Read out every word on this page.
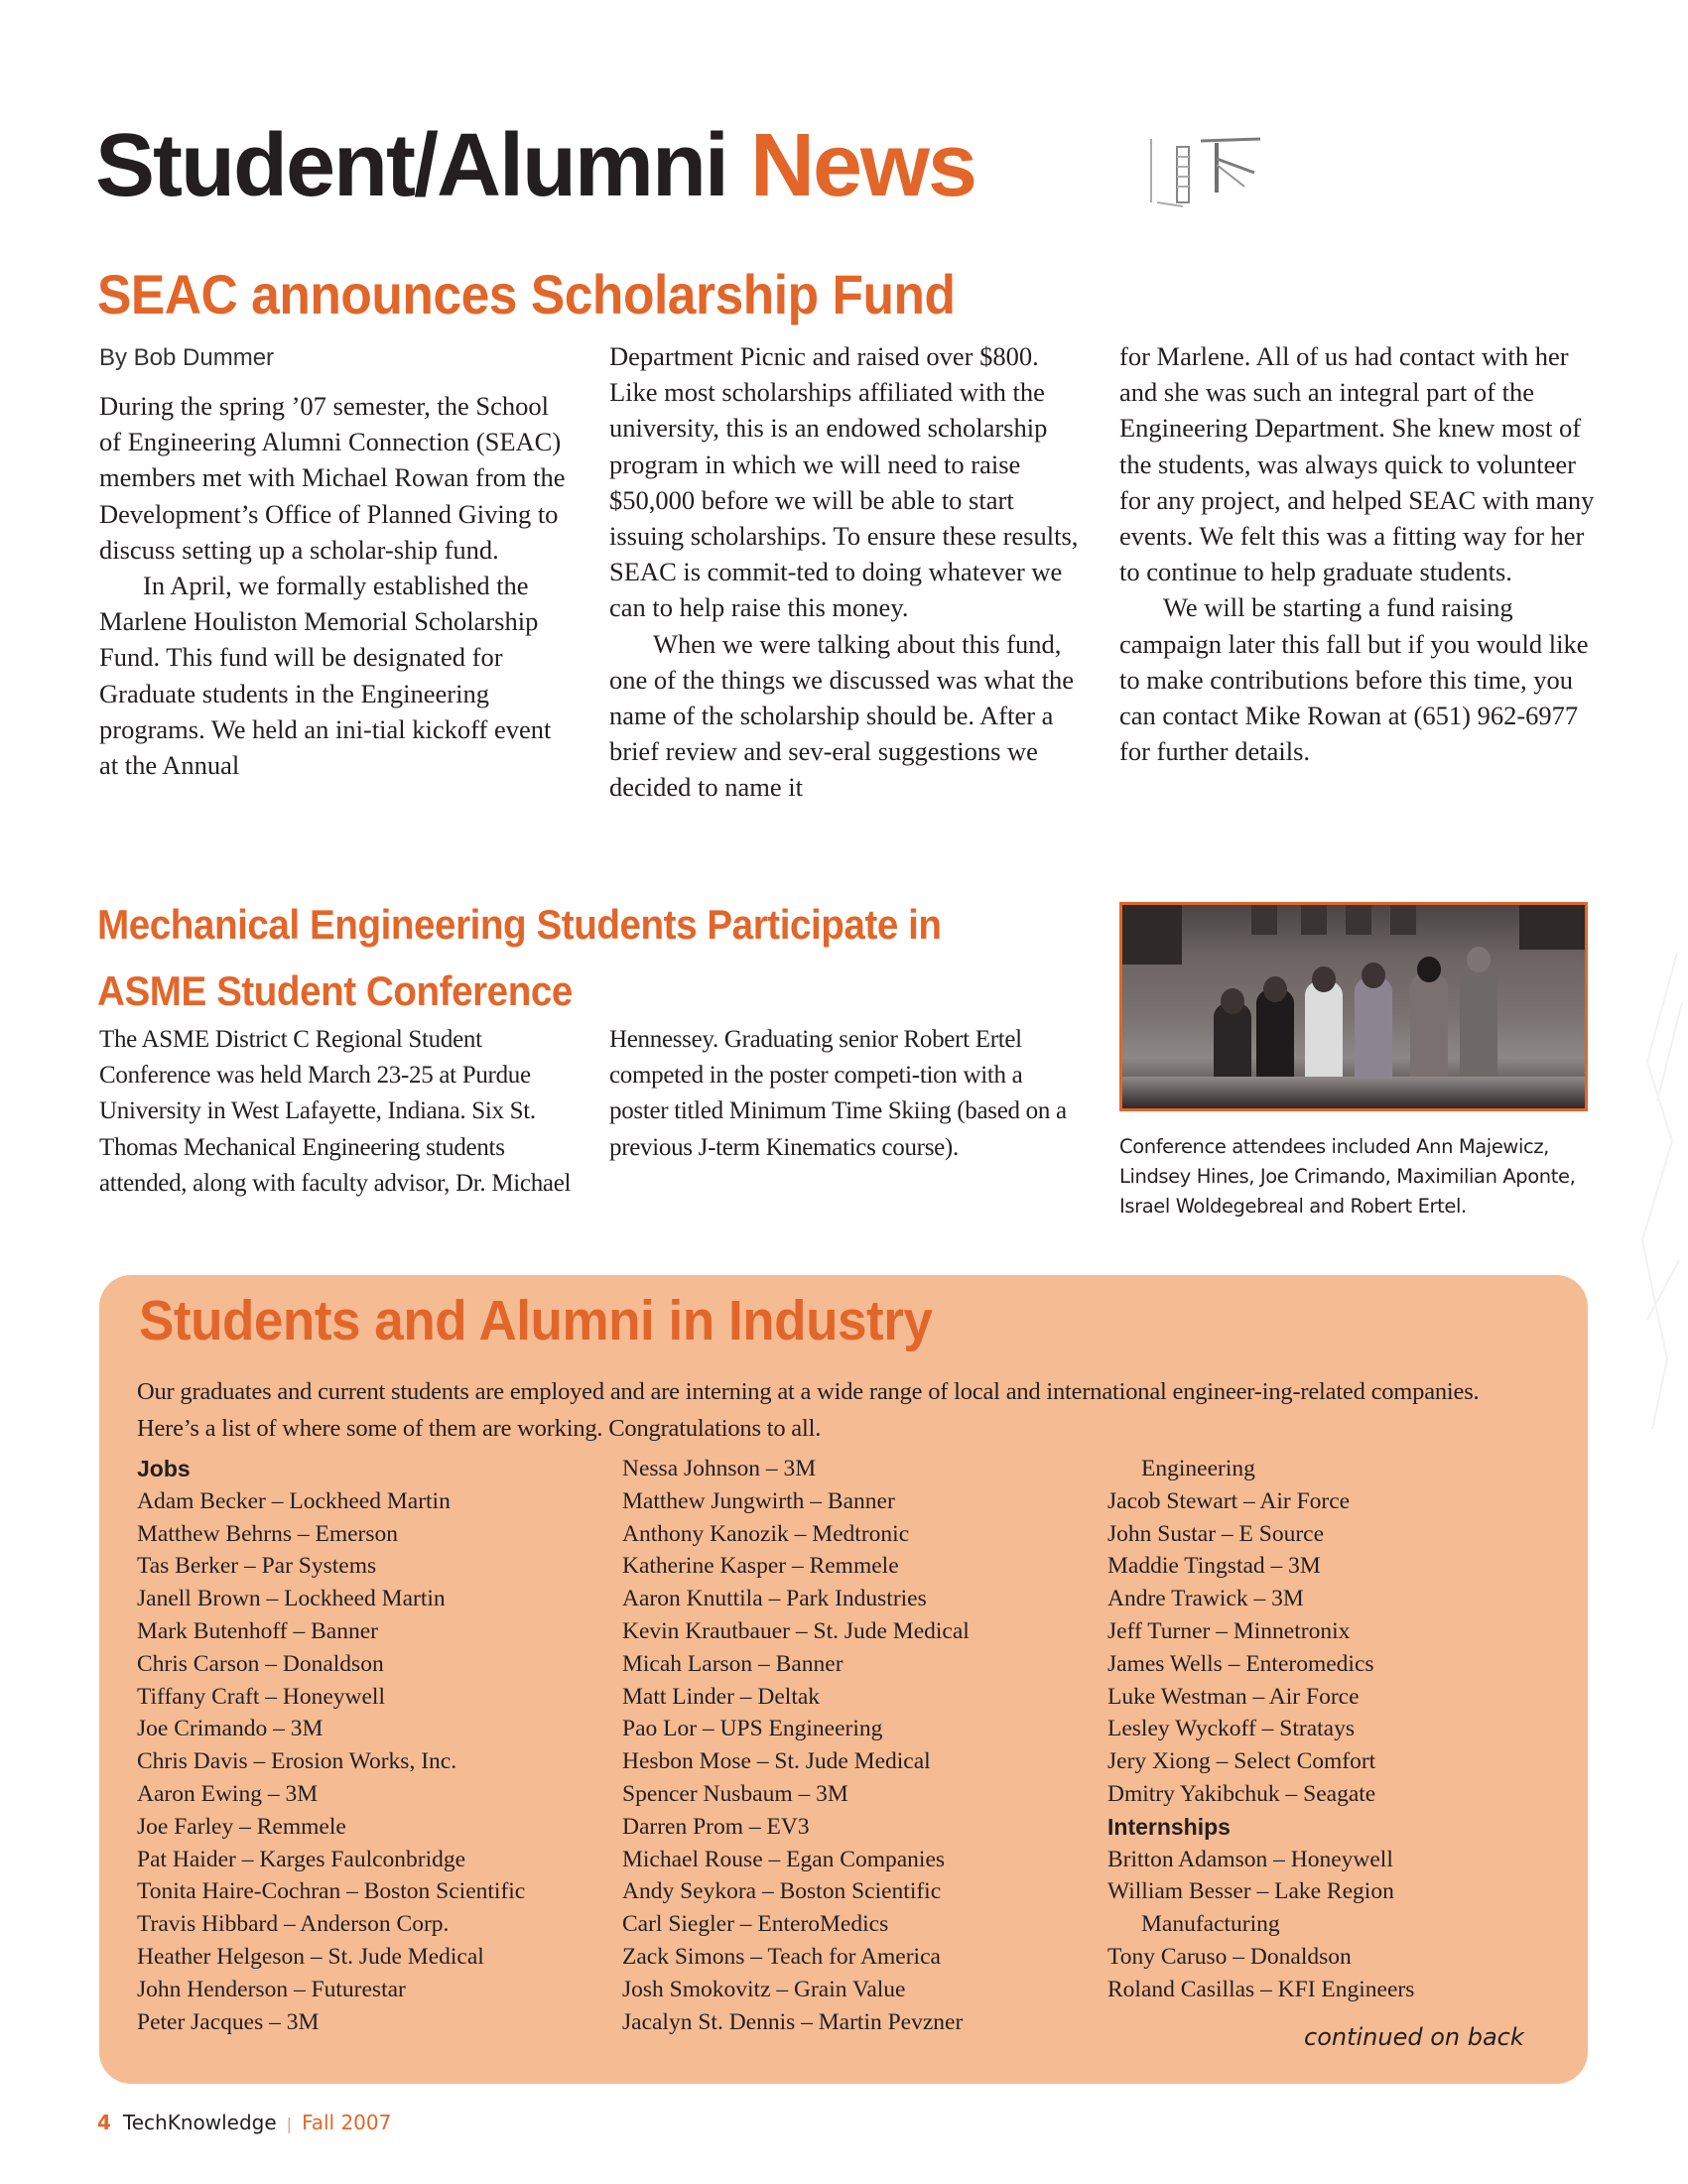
Student/Alumni News
SEAC announces Scholarship Fund
By Bob Dummer

During the spring ’07 semester, the School of Engineering Alumni Connection (SEAC) members met with Michael Rowan from the Development’s Office of Planned Giving to discuss setting up a scholar-ship fund.

In April, we formally established the Marlene Houliston Memorial Scholarship Fund. This fund will be designated for Graduate students in the Engineering programs. We held an ini-tial kickoff event at the Annual

Department Picnic and raised over $800. Like most scholarships affiliated with the university, this is an endowed scholarship program in which we will need to raise $50,000 before we will be able to start issuing scholarships. To ensure these results, SEAC is commit-ted to doing whatever we can to help raise this money.

When we were talking about this fund, one of the things we discussed was what the name of the scholarship should be. After a brief review and sev-eral suggestions we decided to name it

for Marlene. All of us had contact with her and she was such an integral part of the Engineering Department. She knew most of the students, was always quick to volunteer for any project, and helped SEAC with many events. We felt this was a fitting way for her to continue to help graduate students.

We will be starting a fund raising campaign later this fall but if you would like to make contributions before this time, you can contact Mike Rowan at (651) 962-6977 for further details.

Mechanical Engineering Students Participate in
ASME Student Conference
The ASME District C Regional Student Conference was held March 23-25 at Purdue University in West Lafayette, Indiana. Six St. Thomas Mechanical Engineering students attended, along with faculty advisor, Dr. Michael
Hennessey. Graduating senior Robert Ertel competed in the poster competi-tion with a poster titled Minimum Time Skiing (based on a previous J-term Kinematics course).	Conference attendees included Ann Majewicz, Lindsey Hines, Joe Crimando, Maximilian Aponte, Israel Woldegebreal and Robert Ertel.
Students and Alumni in Industry
Our graduates and current students are employed and are interning at a wide range of local and international engineer-ing-related companies. Here’s a list of where some of them are working. Congratulations to all.
Jobs
Adam Becker – Lockheed Martin
Matthew Behrns – Emerson
Tas Berker – Par Systems
Janell Brown – Lockheed Martin
Mark Butenhoff – Banner
Chris Carson – Donaldson
Tiffany Craft – Honeywell
Joe Crimando – 3M
Chris Davis – Erosion Works, Inc.
Aaron Ewing – 3M
Joe Farley – Remmele
Pat Haider – Karges Faulconbridge
Tonita Haire-Cochran – Boston Scientific
Travis Hibbard – Anderson Corp.
Heather Helgeson – St. Jude Medical
John Henderson – Futurestar
Peter Jacques – 3M
Nessa Johnson – 3M
Matthew Jungwirth – Banner
Anthony Kanozik – Medtronic
Katherine Kasper – Remmele
Aaron Knuttila – Park Industries
Kevin Krautbauer – St. Jude Medical
Micah Larson – Banner
Matt Linder – Deltak
Pao Lor – UPS Engineering
Hesbon Mose – St. Jude Medical
Spencer Nusbaum – 3M
Darren Prom – EV3
Michael Rouse – Egan Companies
Andy Seykora – Boston Scientific
Carl Siegler – EnteroMedics
Zack Simons – Teach for America
Josh Smokovitz – Grain Value
Jacalyn St. Dennis – Martin Pevzner
Engineering
Jacob Stewart – Air Force
John Sustar – E Source
Maddie Tingstad – 3M
Andre Trawick – 3M
Jeff Turner – Minnetronix
James Wells – Enteromedics
Luke Westman – Air Force
Lesley Wyckoff – Stratays
Jery Xiong – Select Comfort
Dmitry Yakibchuk – Seagate
Internships
Britton Adamson – Honeywell
William Besser – Lake Region
Manufacturing
Tony Caruso – Donaldson
Roland Casillas – KFI Engineers
continued on back
4 TechKnowledge | Fall 2007
